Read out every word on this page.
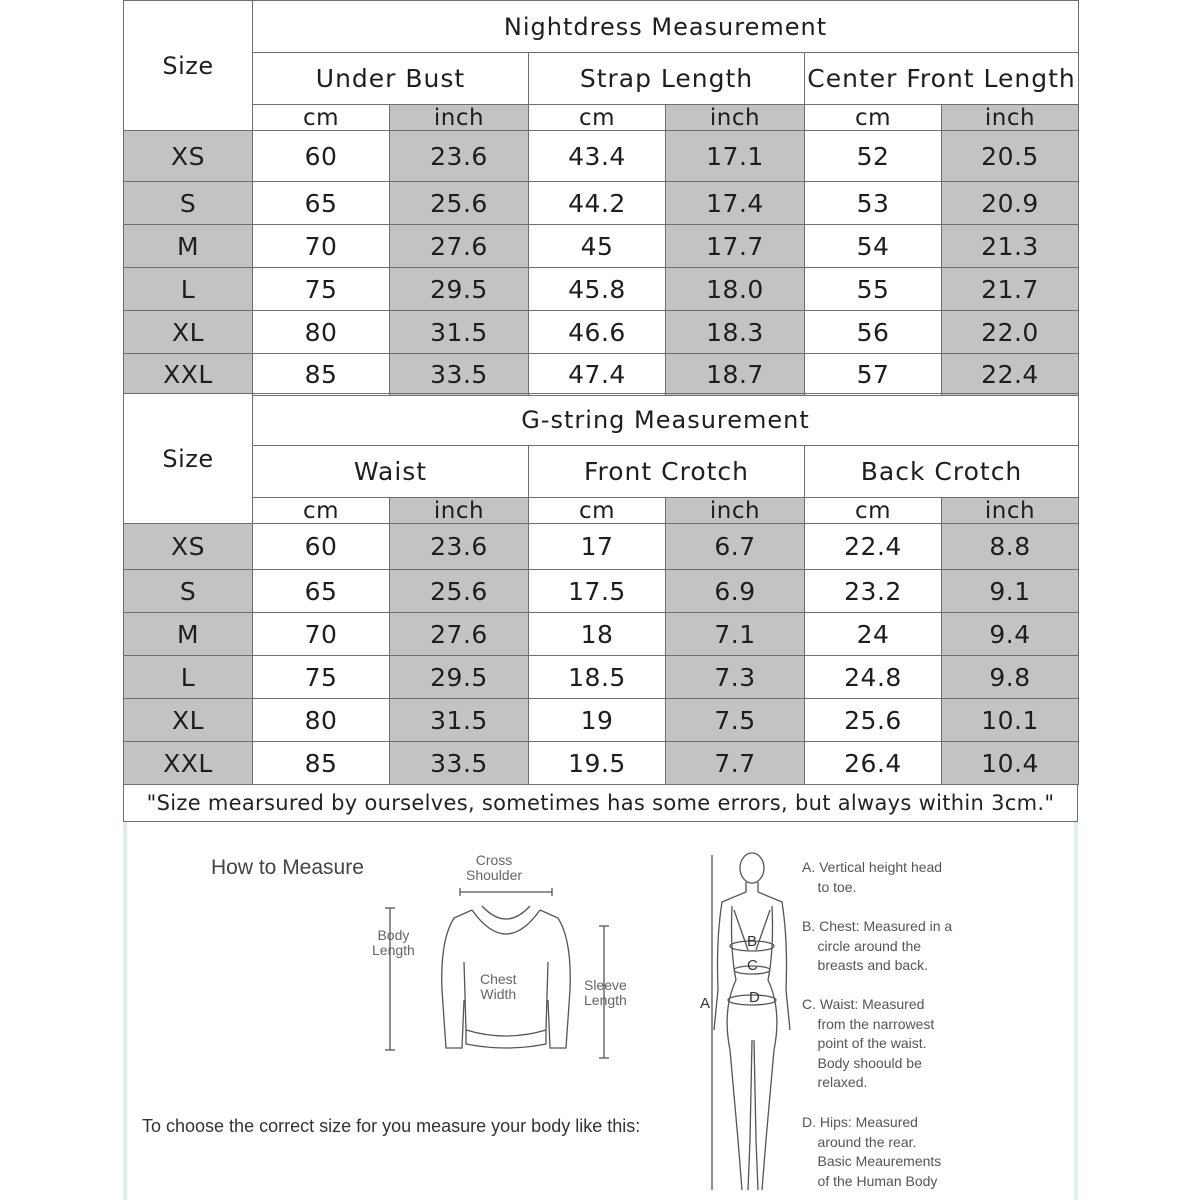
Size	Nightdress Measurement					
	Under Bust		Strap Length		Center Front Length	
	cm	inch	cm	inch	cm	inch
XS	60	23.6	43.4	17.1	52	20.5
S	65	25.6	44.2	17.4	53	20.9
M	70	27.6	45	17.7	54	21.3
L	75	29.5	45.8	18.0	55	21.7
XL	80	31.5	46.6	18.3	56	22.0
XXL	85	33.5	47.4	18.7	57	22.4
Size	G-string Measurement					
	Waist		Front Crotch		Back Crotch	
	cm	inch	cm	inch	cm	inch
XS	60	23.6	17	6.7	22.4	8.8
S	65	25.6	17.5	6.9	23.2	9.1
M	70	27.6	18	7.1	24	9.4
L	75	29.5	18.5	7.3	24.8	9.8
XL	80	31.5	19	7.5	25.6	10.1
XXL	85	33.5	19.5	7.7	26.4	10.4
"Size mearsured by ourselves, sometimes has some errors, but always within 3cm."
How to Measure	Cross
Shoulder
Body
Length
Chest
Width
Sleeve
Length
To choose the correct size for you measure your body like this:
B
C
D
A
A. Vertical height head
to toe.
B. Chest: Measured in a
circle around the
breasts and back.
C. Waist: Measured
from the narrowest
point of the waist.
Body shoould be
relaxed.
D. Hips: Measured
around the rear.
Basic Meaurements
of the Human Body
